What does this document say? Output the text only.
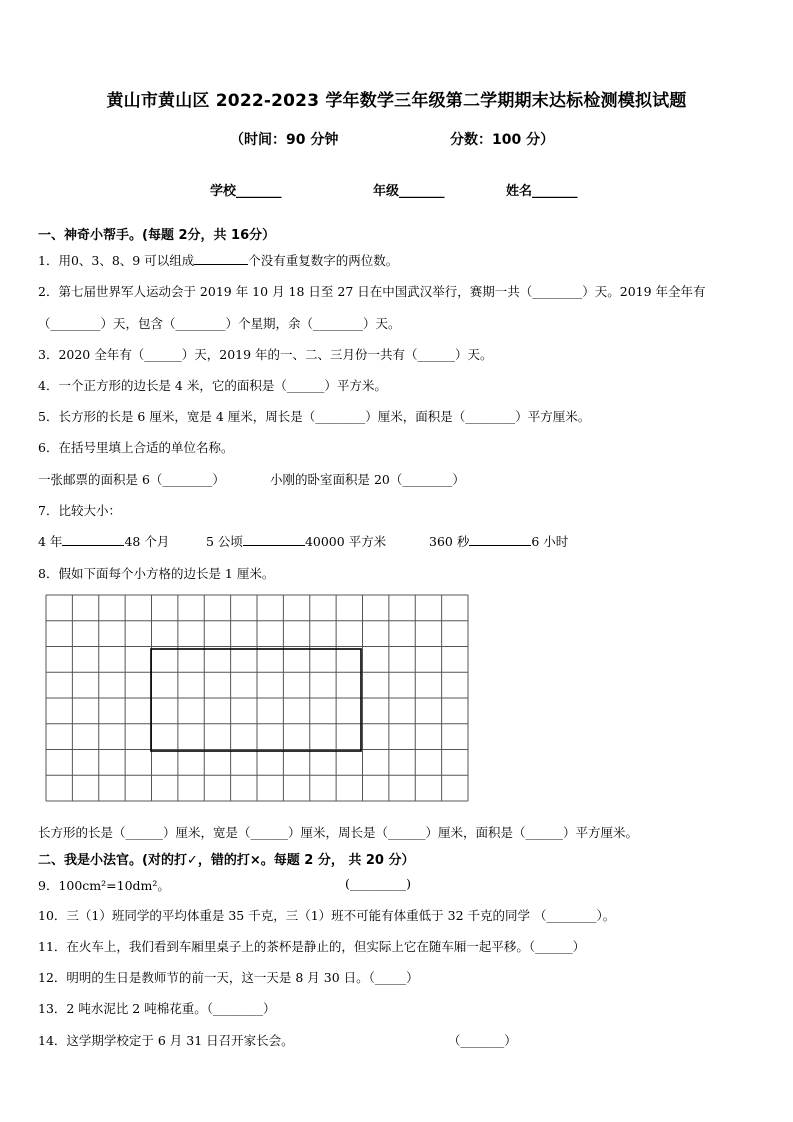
黄山市黄山区 2022-2023 学年数学三年级第二学期期末达标检测模拟试题
（时间：90 分钟	分数：100 分）
学校_______	年级_______	姓名_______
一、神奇小帮手。(每题 2分，共 16分）
1．用0、3、8、9 可以组成	个没有重复数字的两位数。
2．第七届世界军人运动会于 2019 年 10 月 18 日至 27 日在中国武汉举行，赛期一共（________）天。2019 年全年有
（________）天，包含（________）个星期，余（________）天。
3．2020 全年有（______）天，2019 年的一、二、三月份一共有（______）天。
4．一个正方形的边长是 4 米，它的面积是（______）平方米。
5．长方形的长是 6 厘米，宽是 4 厘米，周长是（________）厘米，面积是（________）平方厘米。
6．在括号里填上合适的单位名称。
一张邮票的面积是 6（________）	小刚的卧室面积是 20（________）
7．比较大小：
4 年	48 个月	5 公顷	40000 平方米	360 秒	6 小时
8．假如下面每个小方格的边长是 1 厘米。
长方形的长是（______）厘米，宽是（______）厘米，周长是（______）厘米，面积是（______）平方厘米。
二、我是小法官。(对的打✓，错的打×。每题 2 分， 共 20 分）
9．100cm²=10dm²。	(_________)
10．三（1）班同学的平均体重是 35 千克，三（1）班不可能有体重低于 32 千克的同学 （________）。
11．在火车上，我们看到车厢里桌子上的茶杯是静止的，但实际上它在随车厢一起平移。（______）
12．明明的生日是教师节的前一天，这一天是 8 月 30 日。（_____）
13．2 吨水泥比 2 吨棉花重。（________）
14．这学期学校定于 6 月 31 日召开家长会。	（_______）
